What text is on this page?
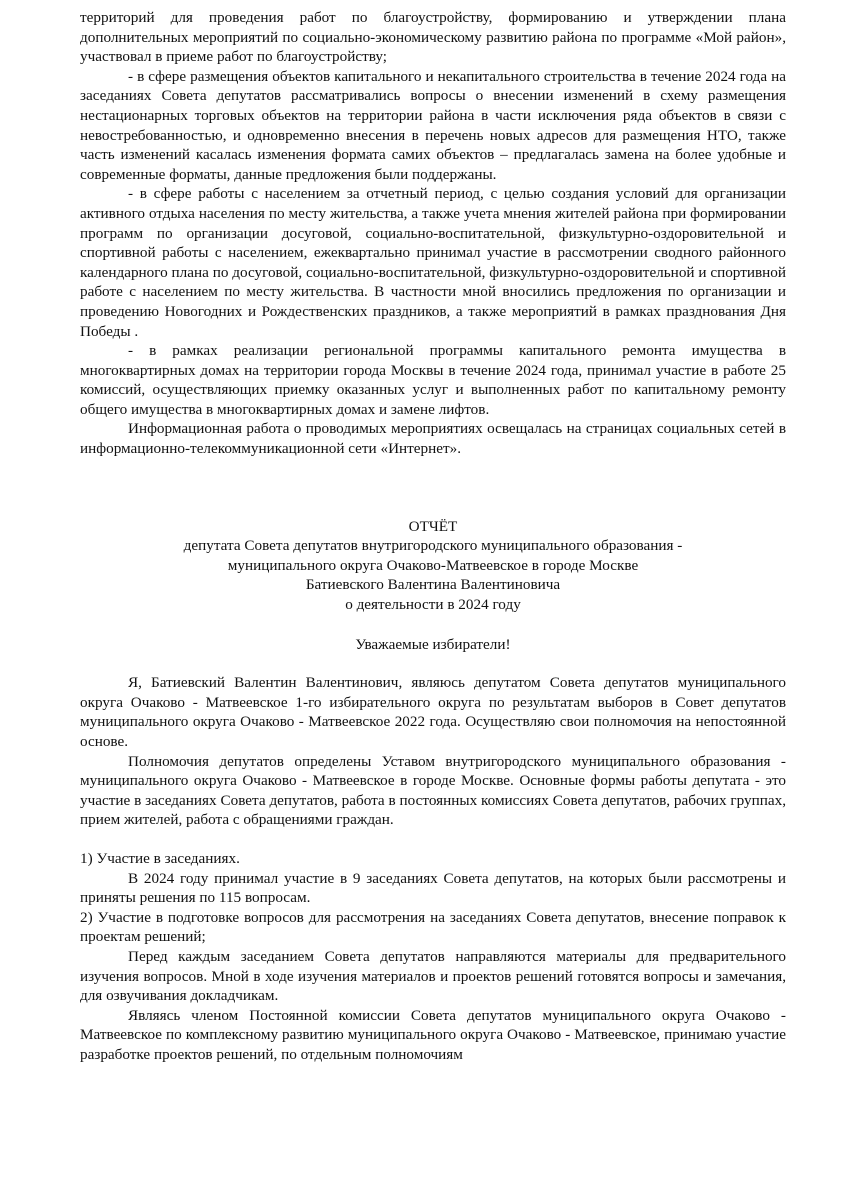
территорий для проведения работ по благоустройству, формированию и утверждении плана дополнительных мероприятий по социально-экономическому развитию района по программе «Мой район», участвовал в приеме работ по благоустройству;

- в сфере размещения объектов капитального и некапитального строительства в течение 2024 года на заседаниях Совета депутатов рассматривались вопросы о внесении изменений в схему размещения нестационарных торговых объектов на территории района в части исключения ряда объектов в связи с невостребованностью, и одновременно внесения в перечень новых адресов для размещения НТО, также часть изменений касалась изменения формата самих объектов – предлагалась замена на более удобные и современные форматы, данные предложения были поддержаны.

- в сфере работы с населением за отчетный период, с целью создания условий для организации активного отдыха населения по месту жительства, а также учета мнения жителей района при формировании программ по организации досуговой, социально-воспитательной, физкультурно-оздоровительной и спортивной работы с населением, ежеквартально принимал участие в рассмотрении сводного районного календарного плана по досуговой, социально-воспитательной, физкультурно-оздоровительной и спортивной работе с населением по месту жительства. В частности мной вносились предложения по организации и проведению Новогодних и Рождественских праздников, а также мероприятий в рамках празднования Дня Победы .

- в рамках реализации региональной программы капитального ремонта имущества в многоквартирных домах на территории города Москвы в течение 2024 года, принимал участие в работе 25 комиссий, осуществляющих приемку оказанных услуг и выполненных работ по капитальному ремонту общего имущества в многоквартирных домах и замене лифтов.

Информационная работа о проводимых мероприятиях освещалась на страницах социальных сетей в информационно-телекоммуникационной сети «Интернет».

ОТЧЁТ

депутата Совета депутатов внутригородского муниципального образования -

муниципального округа Очаково-Матвеевское в городе Москве

Батиевского Валентина Валентиновича

о деятельности в 2024 году

Уважаемые избиратели!

Я, Батиевский Валентин Валентинович, являюсь депутатом Совета депутатов муниципального округа Очаково - Матвеевское 1-го избирательного округа по результатам выборов в Совет депутатов муниципального округа Очаково - Матвеевское 2022 года. Осуществляю свои полномочия на непостоянной основе.

Полномочия депутатов определены Уставом внутригородского муниципального образования - муниципального округа Очаково - Матвеевское в городе Москве. Основные формы работы депутата - это участие в заседаниях Совета депутатов, работа в постоянных комиссиях Совета депутатов, рабочих группах, прием жителей, работа с обращениями граждан.

1) Участие в заседаниях.

В 2024 году принимал участие в 9 заседаниях Совета депутатов, на которых были рассмотрены и приняты решения по 115 вопросам.

2) Участие в подготовке вопросов для рассмотрения на заседаниях Совета депутатов, внесение поправок к проектам решений;

Перед каждым заседанием Совета депутатов направляются материалы для предварительного изучения вопросов. Мной в ходе изучения материалов и проектов решений готовятся вопросы и замечания, для озвучивания докладчикам.

Являясь членом Постоянной комиссии Совета депутатов муниципального округа Очаково - Матвеевское по комплексному развитию муниципального округа Очаково - Матвеевское, принимаю участие разработке проектов решений, по отдельным полномочиям
